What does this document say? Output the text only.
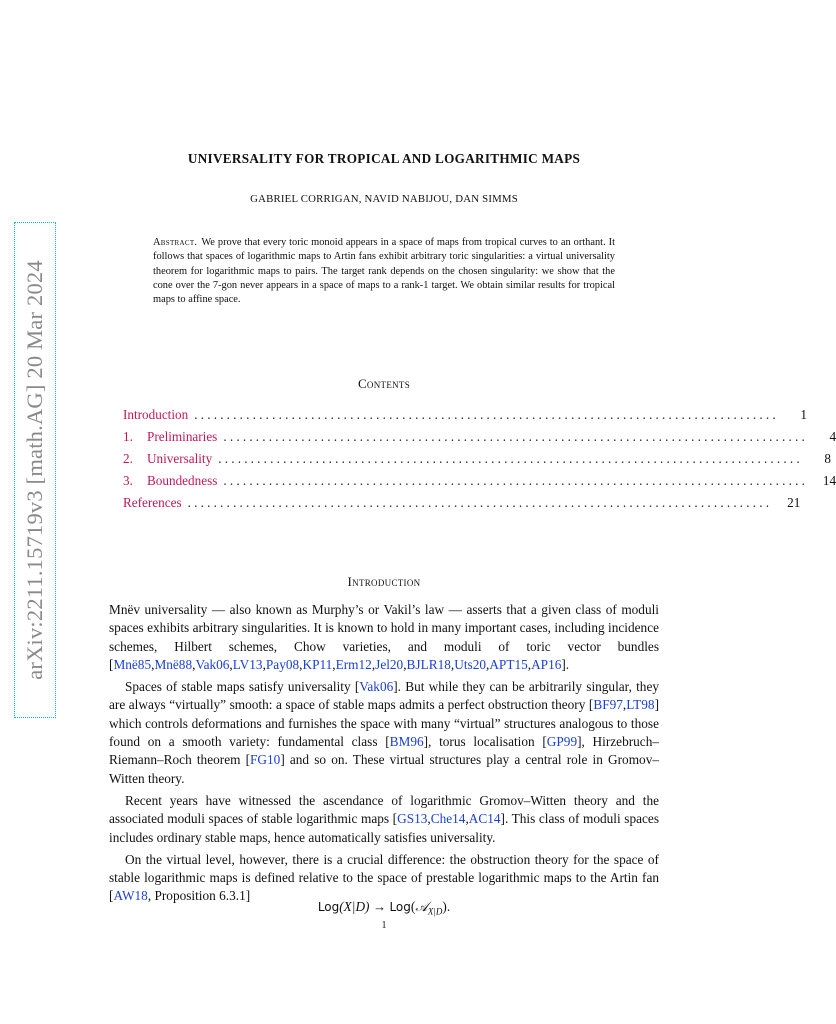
arXiv:2211.15719v3 [math.AG] 20 Mar 2024
UNIVERSALITY FOR TROPICAL AND LOGARITHMIC MAPS
GABRIEL CORRIGAN, NAVID NABIJOU, DAN SIMMS
Abstract. We prove that every toric monoid appears in a space of maps from tropical curves to an orthant. It follows that spaces of logarithmic maps to Artin fans exhibit arbitrary toric singularities: a virtual universality theorem for logarithmic maps to pairs. The target rank depends on the chosen singularity: we show that the cone over the 7-gon never appears in a space of maps to a rank-1 target. We obtain similar results for tropical maps to affine space.
Contents
Introduction ..........................................................................................	1
1.	Preliminaries ..........................................................................................	4
2.	Universality ..........................................................................................	8
3.	Boundedness ..........................................................................................	14
References ..........................................................................................	21
Introduction

Mnëv universality — also known as Murphy’s or Vakil’s law — asserts that a given class of moduli spaces exhibits arbitrary singularities. It is known to hold in many important cases, including incidence schemes, Hilbert schemes, Chow varieties, and moduli of toric vector bundles [Mnë85,Mnë88,Vak06,LV13,Pay08,KP11,Erm12,Jel20,BJLR18,Uts20,APT15,AP16].

Spaces of stable maps satisfy universality [Vak06]. But while they can be arbitrarily singular, they are always “virtually” smooth: a space of stable maps admits a perfect obstruction theory [BF97,LT98] which controls deformations and furnishes the space with many “virtual” structures analogous to those found on a smooth variety: fundamental class [BM96], torus localisation [GP99], Hirzebruch–Riemann–Roch theorem [FG10] and so on. These virtual structures play a central role in Gromov–Witten theory.

Recent years have witnessed the ascendance of logarithmic Gromov–Witten theory and the associated moduli spaces of stable logarithmic maps [GS13,Che14,AC14]. This class of moduli spaces includes ordinary stable maps, hence automatically satisfies universality.

On the virtual level, however, there is a crucial difference: the obstruction theory for the space of stable logarithmic maps is defined relative to the space of prestable logarithmic maps to the Artin fan [AW18, Proposition 6.3.1]

Log(X|D) → Log(𝒜$_{X|D}$).
1
